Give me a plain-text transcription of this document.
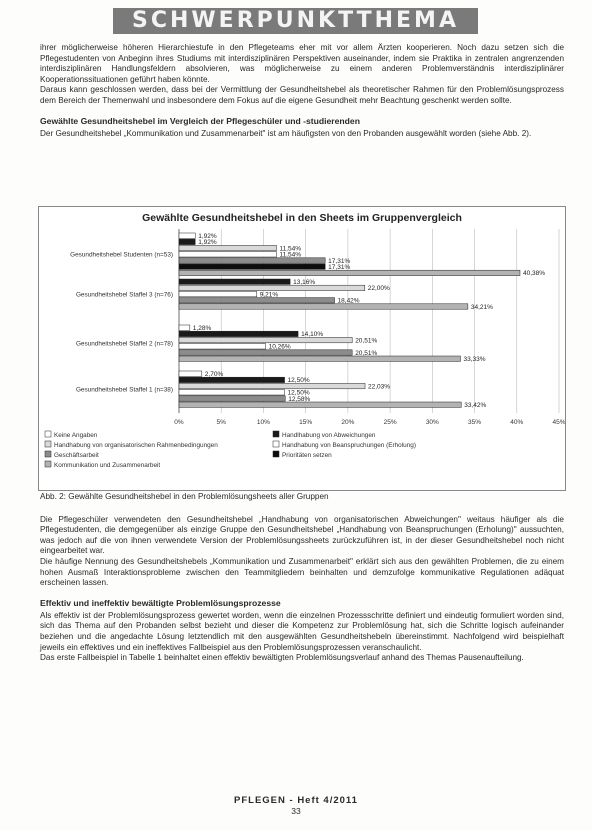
SCHWERPUNKTTHEMA

ihrer möglicherweise höheren Hierarchiestufe in den Pflegeteams eher mit vor allem Ärzten kooperieren. Noch dazu setzen sich die Pflegestudenten von Anbeginn ihres Studiums mit interdisziplinären Perspektiven auseinander, indem sie Praktika in zentralen angrenzenden interdisziplinären Handlungsfeldern absolvieren, was möglicherweise zu einem anderen Problemverständnis interdisziplinärer Kooperationssituationen geführt haben könnte.

Daraus kann geschlossen werden, dass bei der Vermittlung der Gesundheitshebel als theoretischer Rahmen für den Problemlösungsprozess dem Bereich der Themenwahl und insbesondere dem Fokus auf die eigene Gesundheit mehr Beachtung geschenkt werden sollte.

Gewählte Gesundheitshebel im Vergleich der Pflegeschüler und -studierenden

Der Gesundheitshebel „Kommunikation und Zusammenarbeit" ist am häufigsten von den Probanden ausgewählt worden (siehe Abb. 2).

Gewählte Gesundheitshebel in den Sheets im Gruppenvergleich
1,92%
1,92%
11,54%
11,54%
17,31%
17,31%
40,38%
13,16%
22,00%
9,21%
18,42%
34,21%
1,28%
14,10%
20,51%
10,26%
20,51%
33,33%
2,70%
12,50%
22,03%
12,50%
12,58%
33,42%
Gesundheitshebel Studenten (n=53)
Gesundheitshebel Staffel 3 (n=76)
Gesundheitshebel Staffel 2 (n=78)
Gesundheitshebel Staffel 1 (n=38)
0%	5%	10%	15%	20%	25%	30%	35%	40%	45%
Keine Angaben	Handlhabung von Abweichungen
Handhabung von organisatorischen Rahmenbedingungen	Handhabung von Beanspruchungen (Erholung)
Geschäftsarbeit	Prioritäten setzen
Kommunikation und Zusammenarbeit
Abb. 2: Gewählte Gesundheitshebel in den Problemlösungsheets aller Gruppen

Die Pflegeschüler verwendeten den Gesundheitshebel „Handhabung von organisatorischen Abweichungen" weitaus häufiger als die Pflegestudenten, die demgegenüber als einzige Gruppe den Gesundheitshebel „Handhabung von Beanspruchungen (Erholung)" aussuchten, was jedoch auf die von ihnen verwendete Version der Problemlösungssheets zurückzuführen ist, in der dieser Gesundheitshebel noch nicht eingearbeitet war.

Die häufige Nennung des Gesundheitshebels „Kommunikation und Zusammenarbeit" erklärt sich aus den gewählten Problemen, die zu einem hohen Ausmaß Interaktionsprobleme zwischen den Teammitgliedern beinhalten und demzufolge kommunikative Regulationen adäquat erscheinen lassen.

Effektiv und ineffektiv bewältigte Problemlösungsprozesse

Als effektiv ist der Problemlösungsprozess gewertet worden, wenn die einzelnen Prozessschritte definiert und eindeutig formuliert worden sind, sich das Thema auf den Probanden selbst bezieht und dieser die Kompetenz zur Problemlösung hat, sich die Schritte logisch aufeinander beziehen und die angedachte Lösung letztendlich mit den ausgewählten Gesundheitshebeln übereinstimmt. Nachfolgend wird beispielhaft jeweils ein effektives und ein ineffektives Fallbeispiel aus den Problemlösungsprozessen veranschaulicht.

Das erste Fallbeispiel in Tabelle 1 beinhaltet einen effektiv bewältigten Problemlösungsverlauf anhand des Themas Pausenaufteilung.

PFLEGEN - Heft 4/2011
33
